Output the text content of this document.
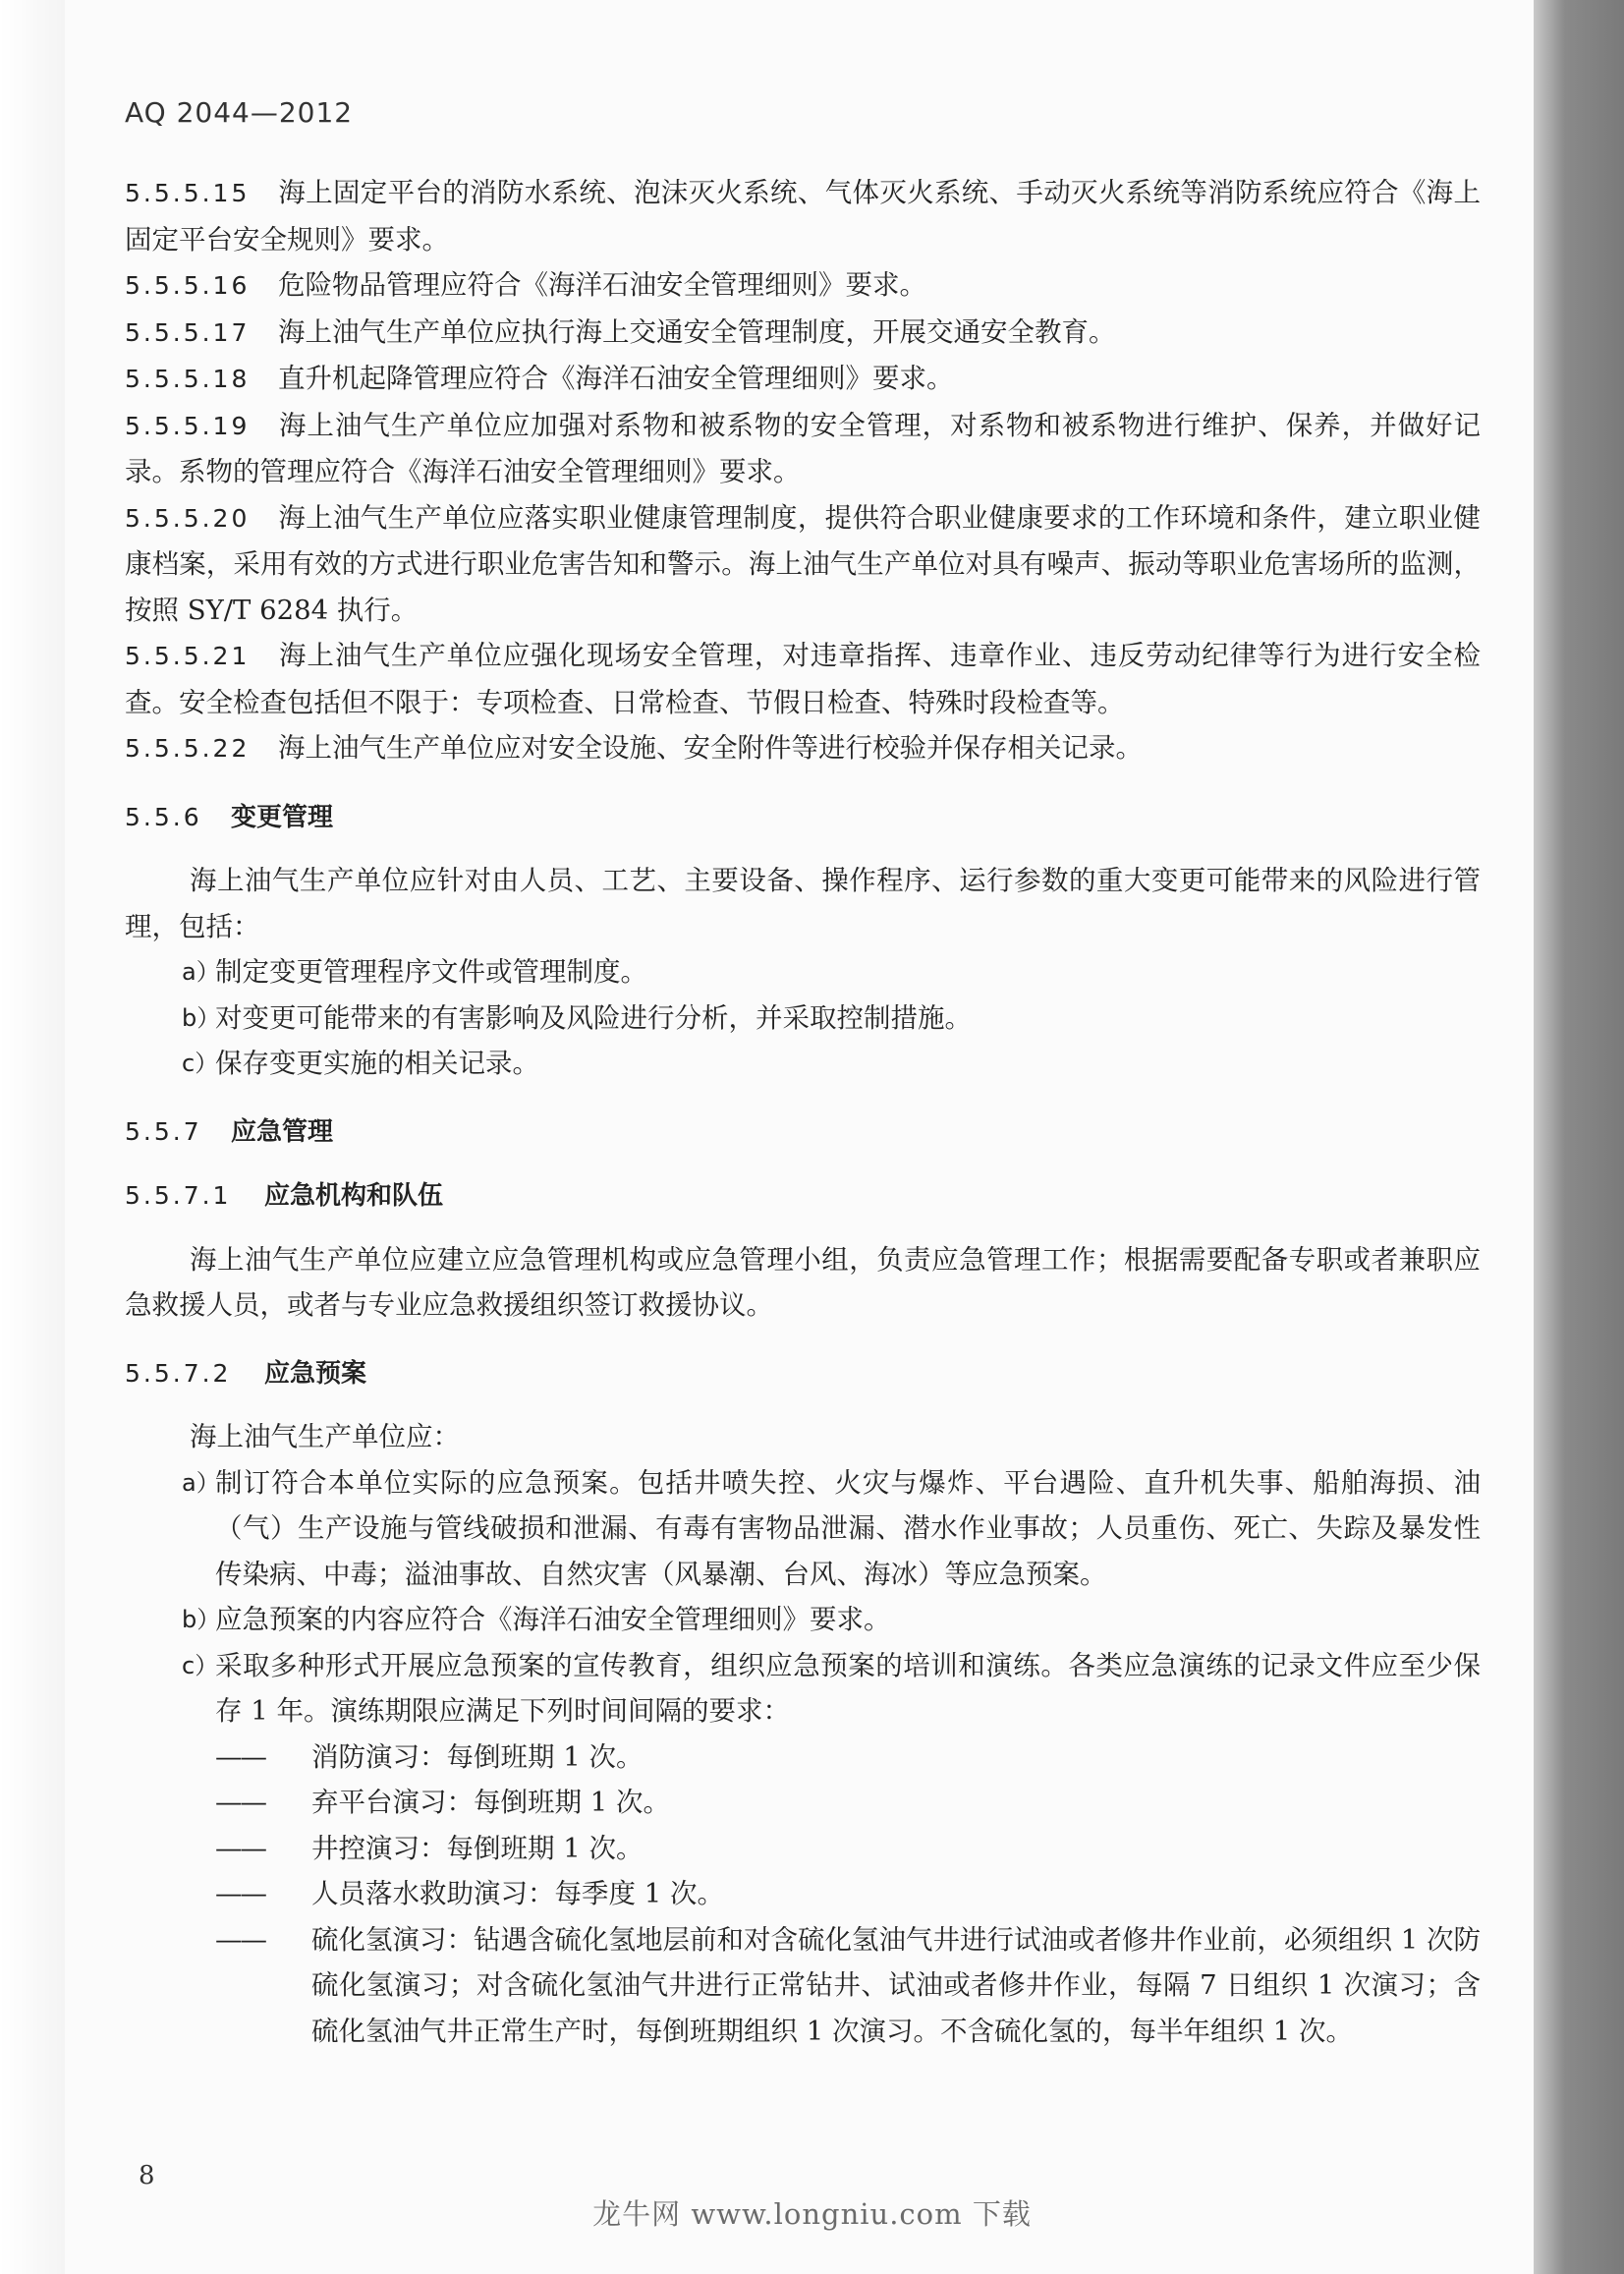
AQ 2044—2012

5.5.5.15 海上固定平台的消防水系统、泡沫灭火系统、气体灭火系统、手动灭火系统等消防系统应符合《海上固定平台安全规则》要求。

5.5.5.16 危险物品管理应符合《海洋石油安全管理细则》要求。

5.5.5.17 海上油气生产单位应执行海上交通安全管理制度，开展交通安全教育。

5.5.5.18 直升机起降管理应符合《海洋石油安全管理细则》要求。

5.5.5.19 海上油气生产单位应加强对系物和被系物的安全管理，对系物和被系物进行维护、保养，并做好记录。系物的管理应符合《海洋石油安全管理细则》要求。

5.5.5.20 海上油气生产单位应落实职业健康管理制度，提供符合职业健康要求的工作环境和条件，建立职业健康档案，采用有效的方式进行职业危害告知和警示。海上油气生产单位对具有噪声、振动等职业危害场所的监测，按照 SY/T 6284 执行。

5.5.5.21 海上油气生产单位应强化现场安全管理，对违章指挥、违章作业、违反劳动纪律等行为进行安全检查。安全检查包括但不限于：专项检查、日常检查、节假日检查、特殊时段检查等。

5.5.5.22 海上油气生产单位应对安全设施、安全附件等进行校验并保存相关记录。

5.5.6 变更管理

海上油气生产单位应针对由人员、工艺、主要设备、操作程序、运行参数的重大变更可能带来的风险进行管理，包括：

a）
制定变更管理程序文件或管理制度。

b）
对变更可能带来的有害影响及风险进行分析，并采取控制措施。

c）
保存变更实施的相关记录。

5.5.7 应急管理

5.5.7.1 应急机构和队伍

海上油气生产单位应建立应急管理机构或应急管理小组，负责应急管理工作；根据需要配备专职或者兼职应急救援人员，或者与专业应急救援组织签订救援协议。

5.5.7.2 应急预案

海上油气生产单位应：

a）
制订符合本单位实际的应急预案。包括井喷失控、火灾与爆炸、平台遇险、直升机失事、船舶海损、油（气）生产设施与管线破损和泄漏、有毒有害物品泄漏、潜水作业事故；人员重伤、死亡、失踪及暴发性传染病、中毒；溢油事故、自然灾害（风暴潮、台风、海冰）等应急预案。

b）
应急预案的内容应符合《海洋石油安全管理细则》要求。

c）
采取多种形式开展应急预案的宣传教育，组织应急预案的培训和演练。各类应急演练的记录文件应至少保存 1 年。演练期限应满足下列时间间隔的要求：

—— 消防演习：每倒班期 1 次。

—— 弃平台演习：每倒班期 1 次。

—— 井控演习：每倒班期 1 次。

—— 人员落水救助演习：每季度 1 次。

—— 硫化氢演习：钻遇含硫化氢地层前和对含硫化氢油气井进行试油或者修井作业前，必须组织 1 次防硫化氢演习；对含硫化氢油气井进行正常钻井、试油或者修井作业，每隔 7 日组织 1 次演习；含硫化氢油气井正常生产时，每倒班期组织 1 次演习。不含硫化氢的，每半年组织 1 次。

8
龙牛网 www.longniu.com 下载
